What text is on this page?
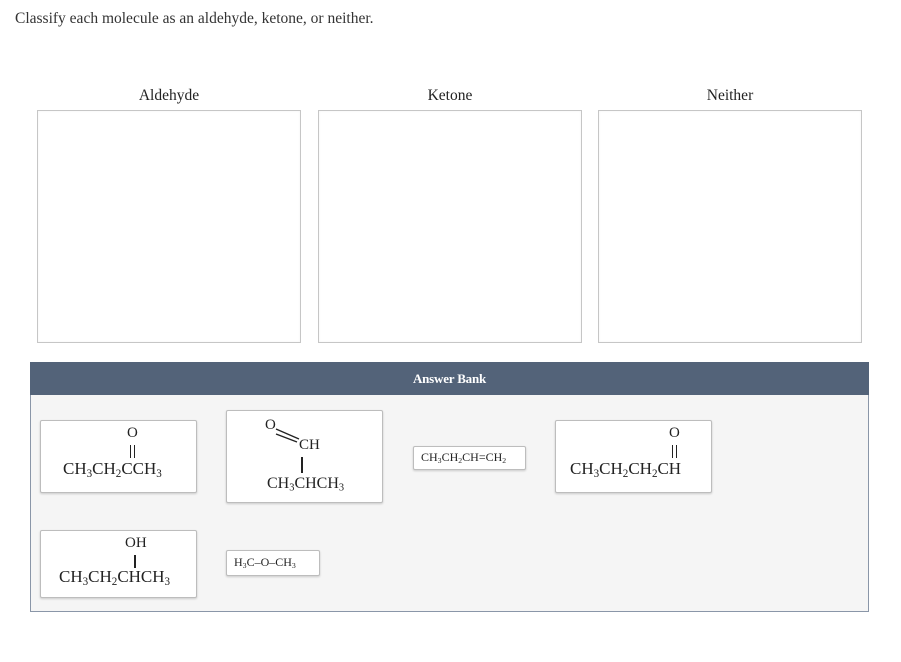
Classify each molecule as an aldehyde, ketone, or neither.
Aldehyde	Ketone	Neither
Answer Bank
O
$CH_3CH_2CCH_3$
O
CH
$CH_3CHCH_3$
$CH_3CH_2CH=CH_2$
O
$CH_3CH_2CH_2CH$
OH
$CH_3CH_2CHCH_3$
$H_3C-O-CH_3$
